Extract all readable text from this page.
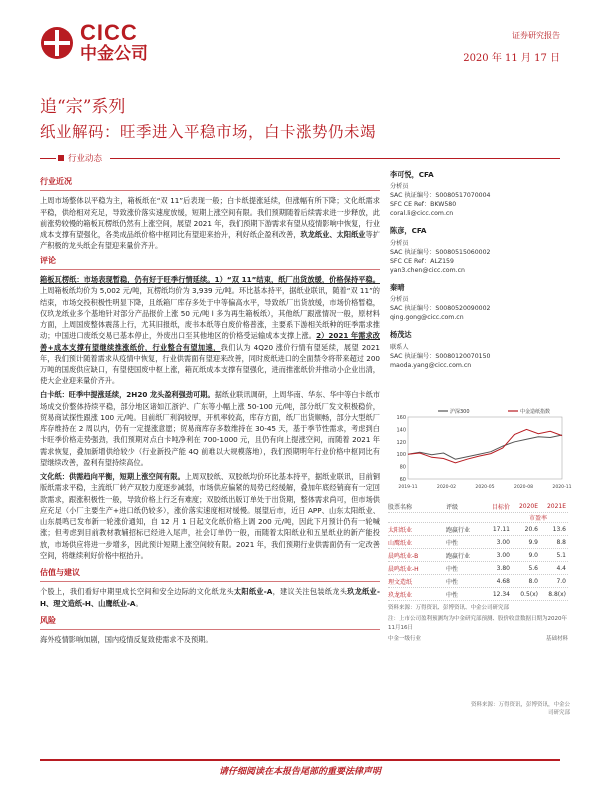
CICC
中金公司
证券研究报告
2020 年 11 月 17 日
追“宗”系列
纸业解码：旺季进入平稳市场，白卡涨势仍未竭
行业动态
行业近况

上周市场整体以平稳为主，箱板纸在“双 11”后表现一般；白卡纸提涨延续，但涨幅有所下降；文化纸需求平稳，供给相对充足，导致涨价落实速度放缓，短期上涨空间有限。我们预期随着后续需求进一步释放，此前涨势较慢的箱板瓦楞纸仍然有上涨空间，展望 2021 年，我们预期下游需求有望从疫情影响中恢复，行业成本支撑有望强化，各类成品纸价格中枢同比有望迎来抬升，利好纸企盈利改善，玖龙纸业、太阳纸业等扩产积极的龙头纸企有望迎来量价齐升。

评论

箱板瓦楞纸：市场表现暂稳，仍有好于旺季行情延续。1）“双 11”结束，纸厂出货放缓，价格保持平稳。上周箱板纸均价为 5,002 元/吨，瓦楞纸均价为 3,939 元/吨。环比基本持平，据纸业联讯，随着“双 11”的结束，市场交投积极性明显下降，且纸箱厂库存多处于中等偏高水平，导致纸厂出货放缓，市场价格暂稳，仅玖龙纸业多个基地针对部分产品报价上涨 50 元/吨 l 多为再生箱板纸），其他纸厂跟涨情况一般，原材料方面，上周国废整体震荡上行，尤其旧报纸，废书本纸等白废价格普涨，主要系下游相关纸种的旺季需求推动；中国进口废纸交易已基本停止，外废出口至其他地区的价格受运输成本支撑上涨。2）2021 年需求改善+成本支撑有望继续推涨纸价，行业整合有望加速，我们认为 4Q20 涨价行情有望延续，展望 2021 年，我们预计随着需求从疫情中恢复，行业供需面有望迎来改善，同时废纸进口的全面禁令将带来超过 200 万吨的国废供应缺口，有望使国废中枢上涨，箱瓦纸成本支撑有望强化，进而推涨纸价并推动小企业出清，使大企业迎来量价齐升。

白卡纸：旺季中提涨延续，2H20 龙头盈利强劲可期。据纸业联讯调研，上周华南、华东、华中等白卡纸市场成交价整体持续平稳，部分地区诸如江浙沪、广东等小幅上涨 50-100 元/吨，部分纸厂发文积极稳价，贸易商试探性跟涨 100 元/吨。目前纸厂利润较厚，开机率较高，库存方面，纸厂出货顺畅，部分大型纸厂库存维持在 2 周以内，仍有一定提涨意愿；贸易商库存多数维持在 30-45 天，基于季节性需求，考虑到白卡旺季价格走势强劲，我们预期对点白卡吨净利在 700-1000 元，且仍有向上提涨空间，而随着 2021 年需求恢复，叠加新增供给较少（行业新投产能 4Q 前难以大规模落地），我们预期明年行业价格中枢同比有望继续改善，盈利有望持续高位。

文化纸：供需趋向平衡，短期上涨空间有限。上周双胶纸、双胶纸均价环比基本持平，据纸业联讯，目前铜版纸需求平稳，主流纸厂转产双胶力度逐步减弱，市场供应偏紧的局势已经缓解，叠加年底经销商有一定回款需求，跟涨积极性一般，导致价格上行乏有难度；双胶纸出版订单处于出货期，整体需求尚可，但市场供应充足（小厂主要生产+进口纸仍较多），涨价落实速度相对缓慢。展望后市，近日 APP、山东太阳纸业、山东晨鸣已发布新一轮涨价通知，自 12 月 1 日起文化纸价格上调 200 元/吨，因此下月预计仍有一轮喊涨；但考虑到目前教材教辅招标已经进入尾声，社会订单仍一般，而随着太阳纸业和五星纸业的新产能投放，市场供应将进一步增多，因此预计短期上涨空间较有限。2021 年，我们预期行业供需面仍有一定改善空间，将继续利好价格中枢抬升。

估值与建议

个股上，我们看好中期里成长空间和安全边际的文化纸龙头太阳纸业-A，建议关注包装纸龙头玖龙纸业-H、理文造纸-H、山鹰纸业-A。

风险

海外疫情影响加剧，国内疫情反复致使需求不及预期。

李可悦，CFA
分析员
SAC 执证编号：S0080517070004
SFC CE Ref：BKW580
coral.li@cicc.com.cn
陈彦，CFA
分析员
SAC 执证编号：S0080515060002
SFC CE Ref：ALZ159
yan3.chen@cicc.com.cn
秦晴
分析员
SAC 执证编号：S0080520090002
qing.gong@cicc.com.cn
杨茂达
联系人
SAC 执证编号：S0080120070150
maoda.yang@cicc.com.cn
160
140
120
100
80
60
2019-11	2020-02	2020-05	2020-08	2020-11
沪深300	中金造纸指数
股票名称	评级	目标价	2020E	2021E
市盈率
太阳纸业	跑赢行业	17.11	20.6	13.6
山鹰纸业	中性	3.00	9.9	8.8
晨鸣纸业-B	跑赢行业	3.00	9.0	5.1
晨鸣纸业-H	中性	3.80	5.6	4.4
理文造纸	中性	4.68	8.0	7.0
玖龙纸业	中性	12.34	0.5(x)	8.8(x)
资料来源：万得资讯、彭博资讯、中金公司研究部
注：上市公司盈利预测均为中金研究部预测、股价收盘数据日期为2020年11月16日
中金一级行业	基础材料
资料来源：万得资讯，彭博资讯，中金公司研究部
请仔细阅读在本报告尾部的重要法律声明
